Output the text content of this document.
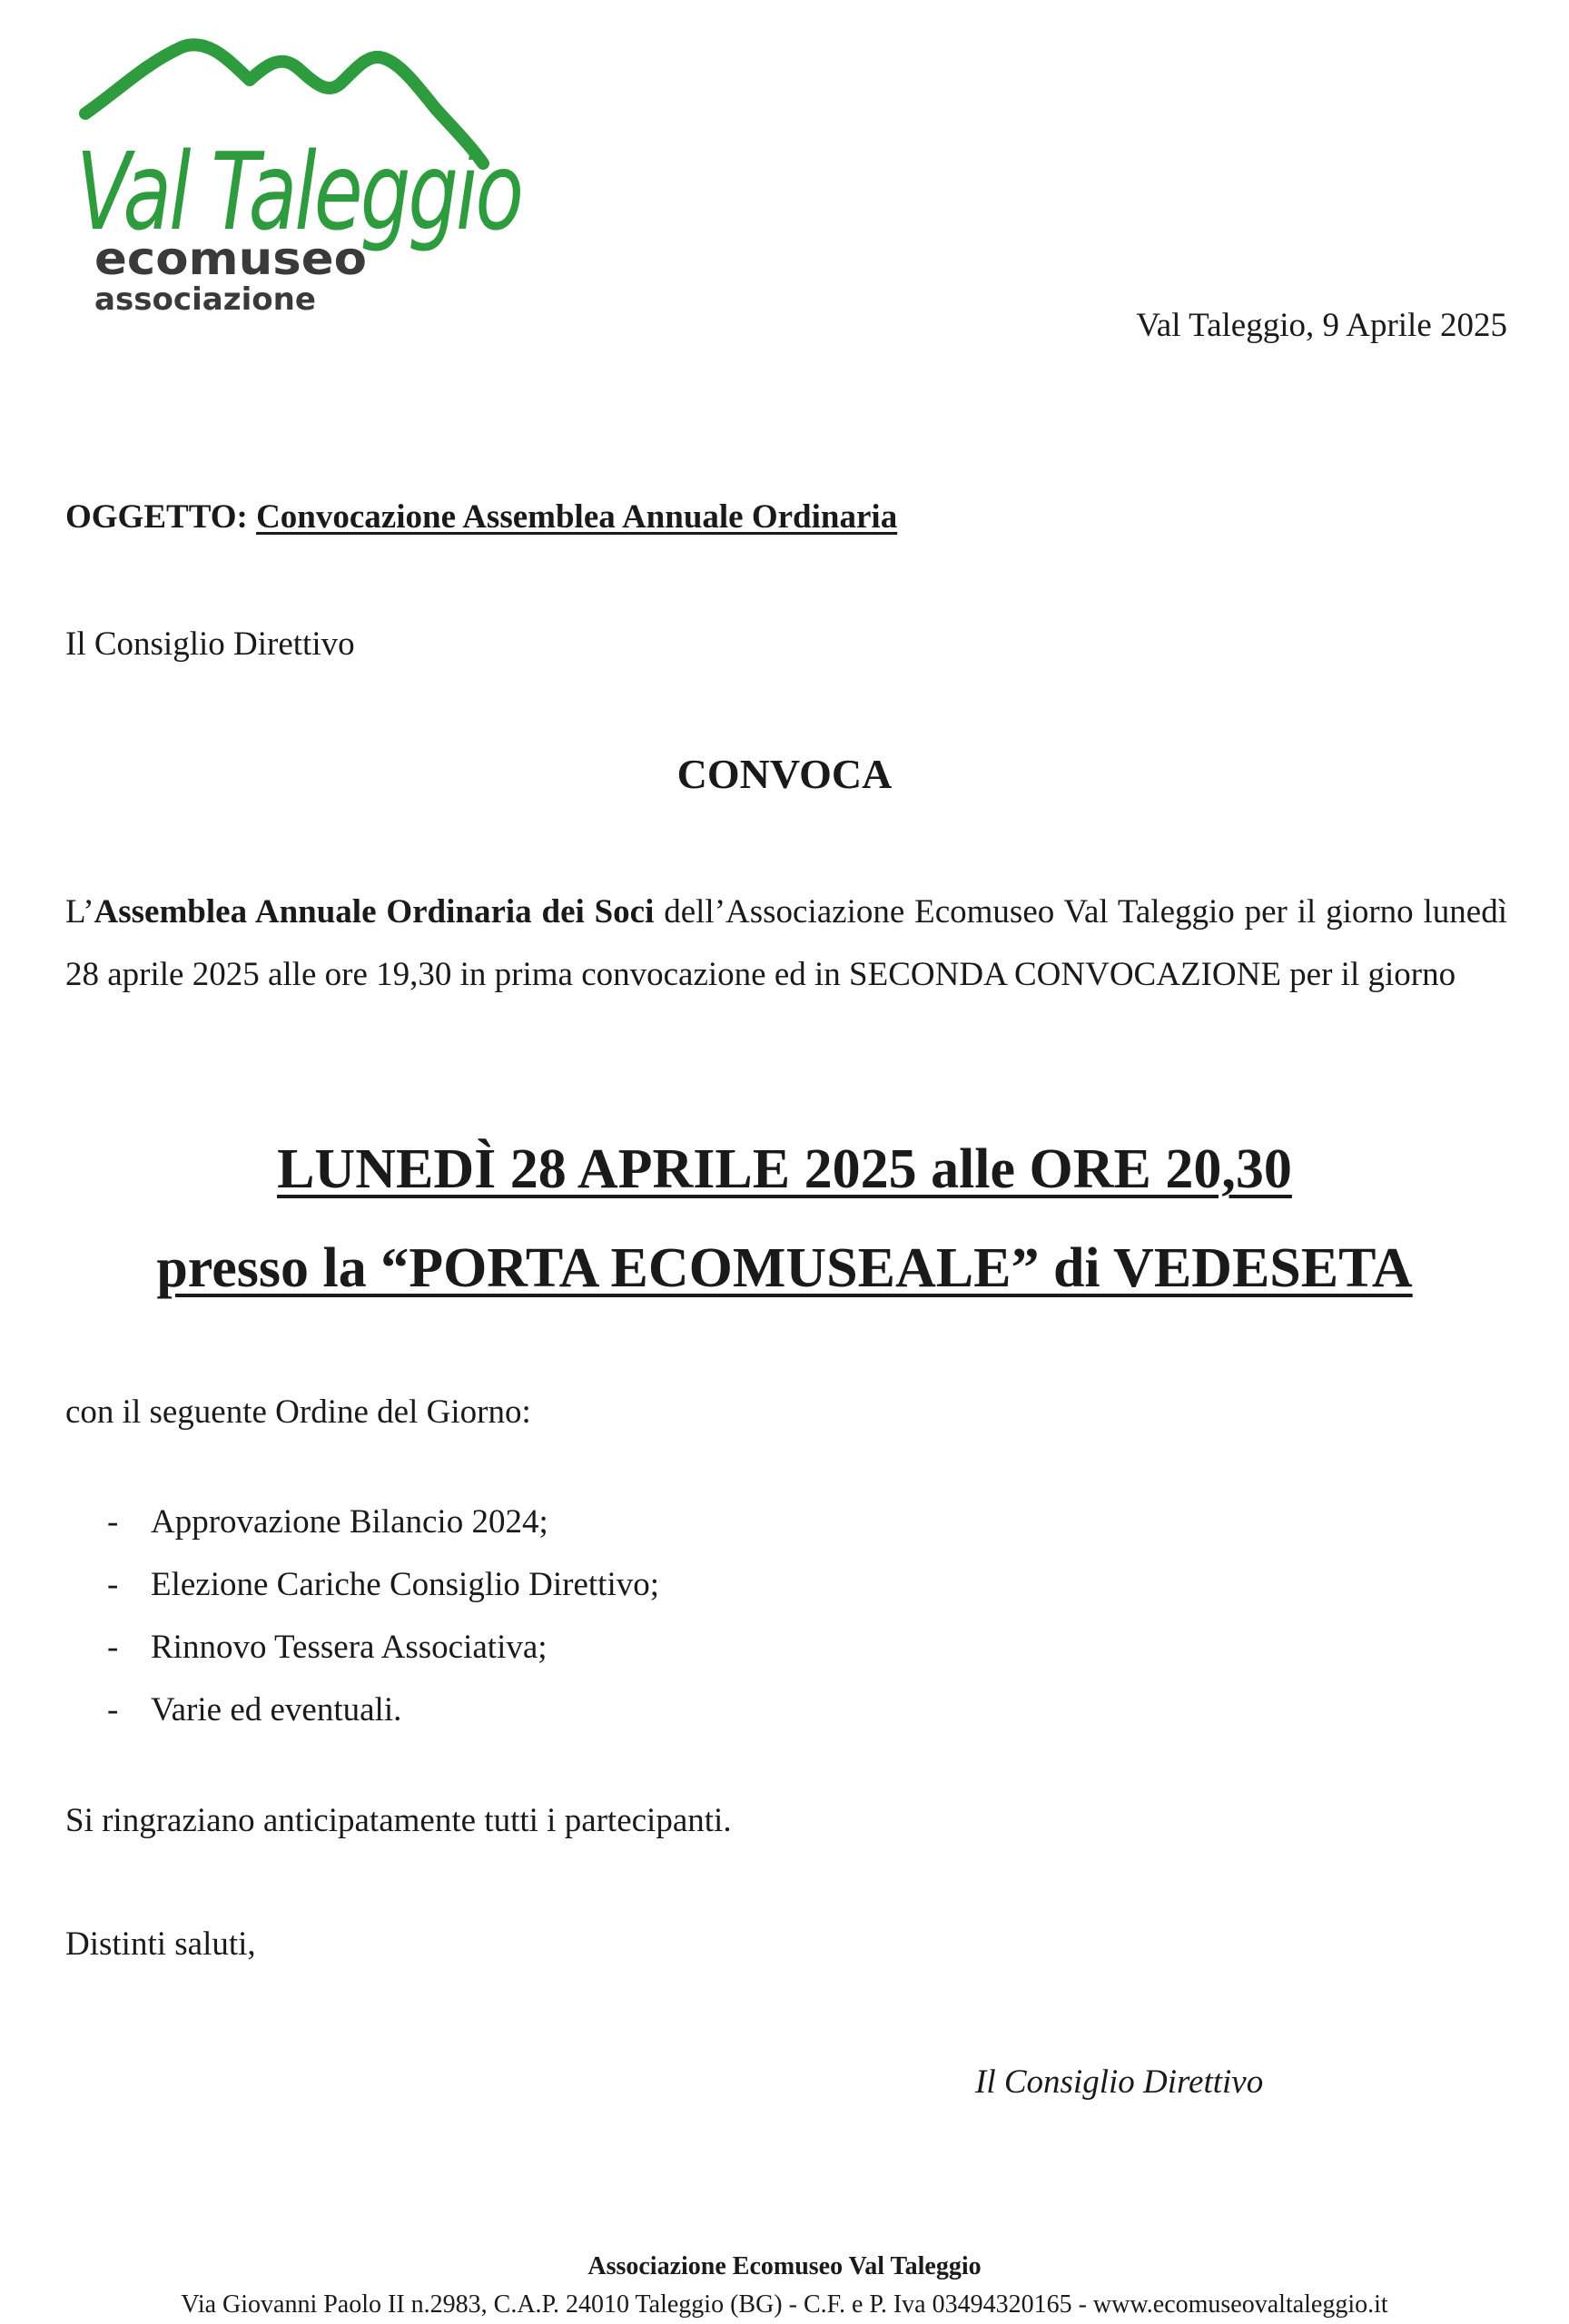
Val Taleggio
ecomuseo
associazione
Val Taleggio, 9 Aprile 2025
OGGETTO: Convocazione Assemblea Annuale Ordinaria
Il Consiglio Direttivo
CONVOCA
L’Assemblea Annuale Ordinaria dei Soci dell’Associazione Ecomuseo Val Taleggio per il giorno lunedì 28 aprile 2025 alle ore 19,30 in prima convocazione ed in SECONDA CONVOCAZIONE per il giorno
LUNEDÌ 28 APRILE 2025 alle ORE 20,30
presso la “PORTA ECOMUSEALE” di VEDESETA
con il seguente Ordine del Giorno:
- Approvazione Bilancio 2024;
- Elezione Cariche Consiglio Direttivo;
- Rinnovo Tessera Associativa;
- Varie ed eventuali.
Si ringraziano anticipatamente tutti i partecipanti.
Distinti saluti,
Il Consiglio Direttivo
Associazione Ecomuseo Val Taleggio
Via Giovanni Paolo II n.2983, C.A.P. 24010 Taleggio (BG) - C.F. e P. Iva 03494320165 - www.ecomuseovaltaleggio.it
